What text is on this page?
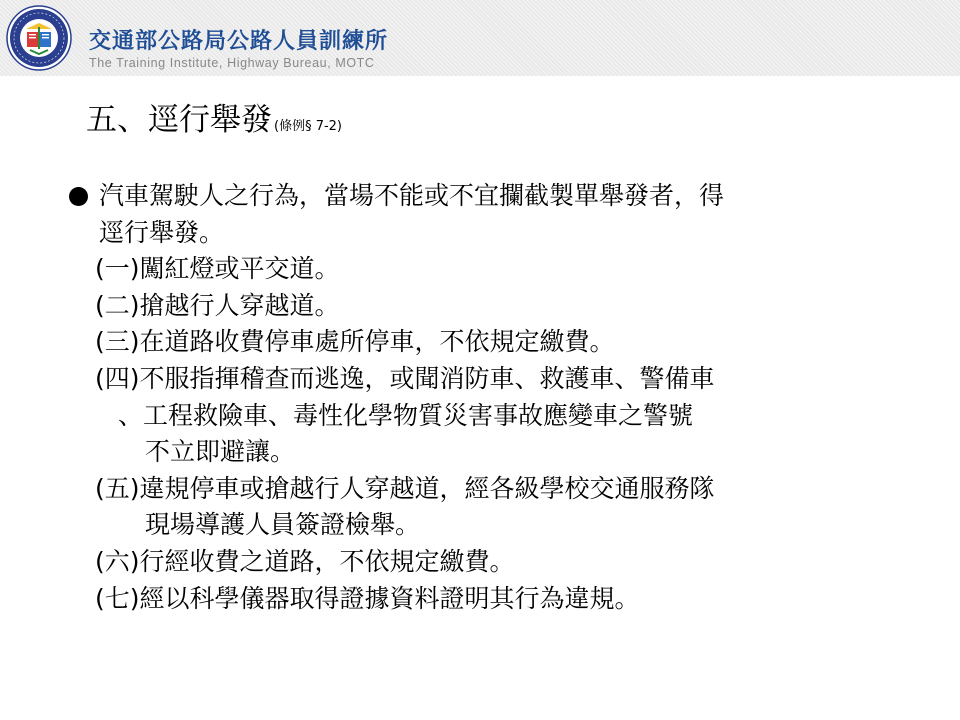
交通部公路局公路人員訓練所
The Training Institute, Highway Bureau, MOTC
五、逕行舉發 (條例§ 7-2)
汽車駕駛人之行為，當場不能或不宜攔截製單舉發者，得
逕行舉發。
(一)闖紅燈或平交道。
(二)搶越行人穿越道。
(三)在道路收費停車處所停車，不依規定繳費。
(四)不服指揮稽查而逃逸，或聞消防車、救護車、警備車
、工程救險車、毒性化學物質災害事故應變車之警號
不立即避讓。
(五)違規停車或搶越行人穿越道，經各級學校交通服務隊
現場導護人員簽證檢舉。
(六)行經收費之道路，不依規定繳費。
(七)經以科學儀器取得證據資料證明其行為違規。
